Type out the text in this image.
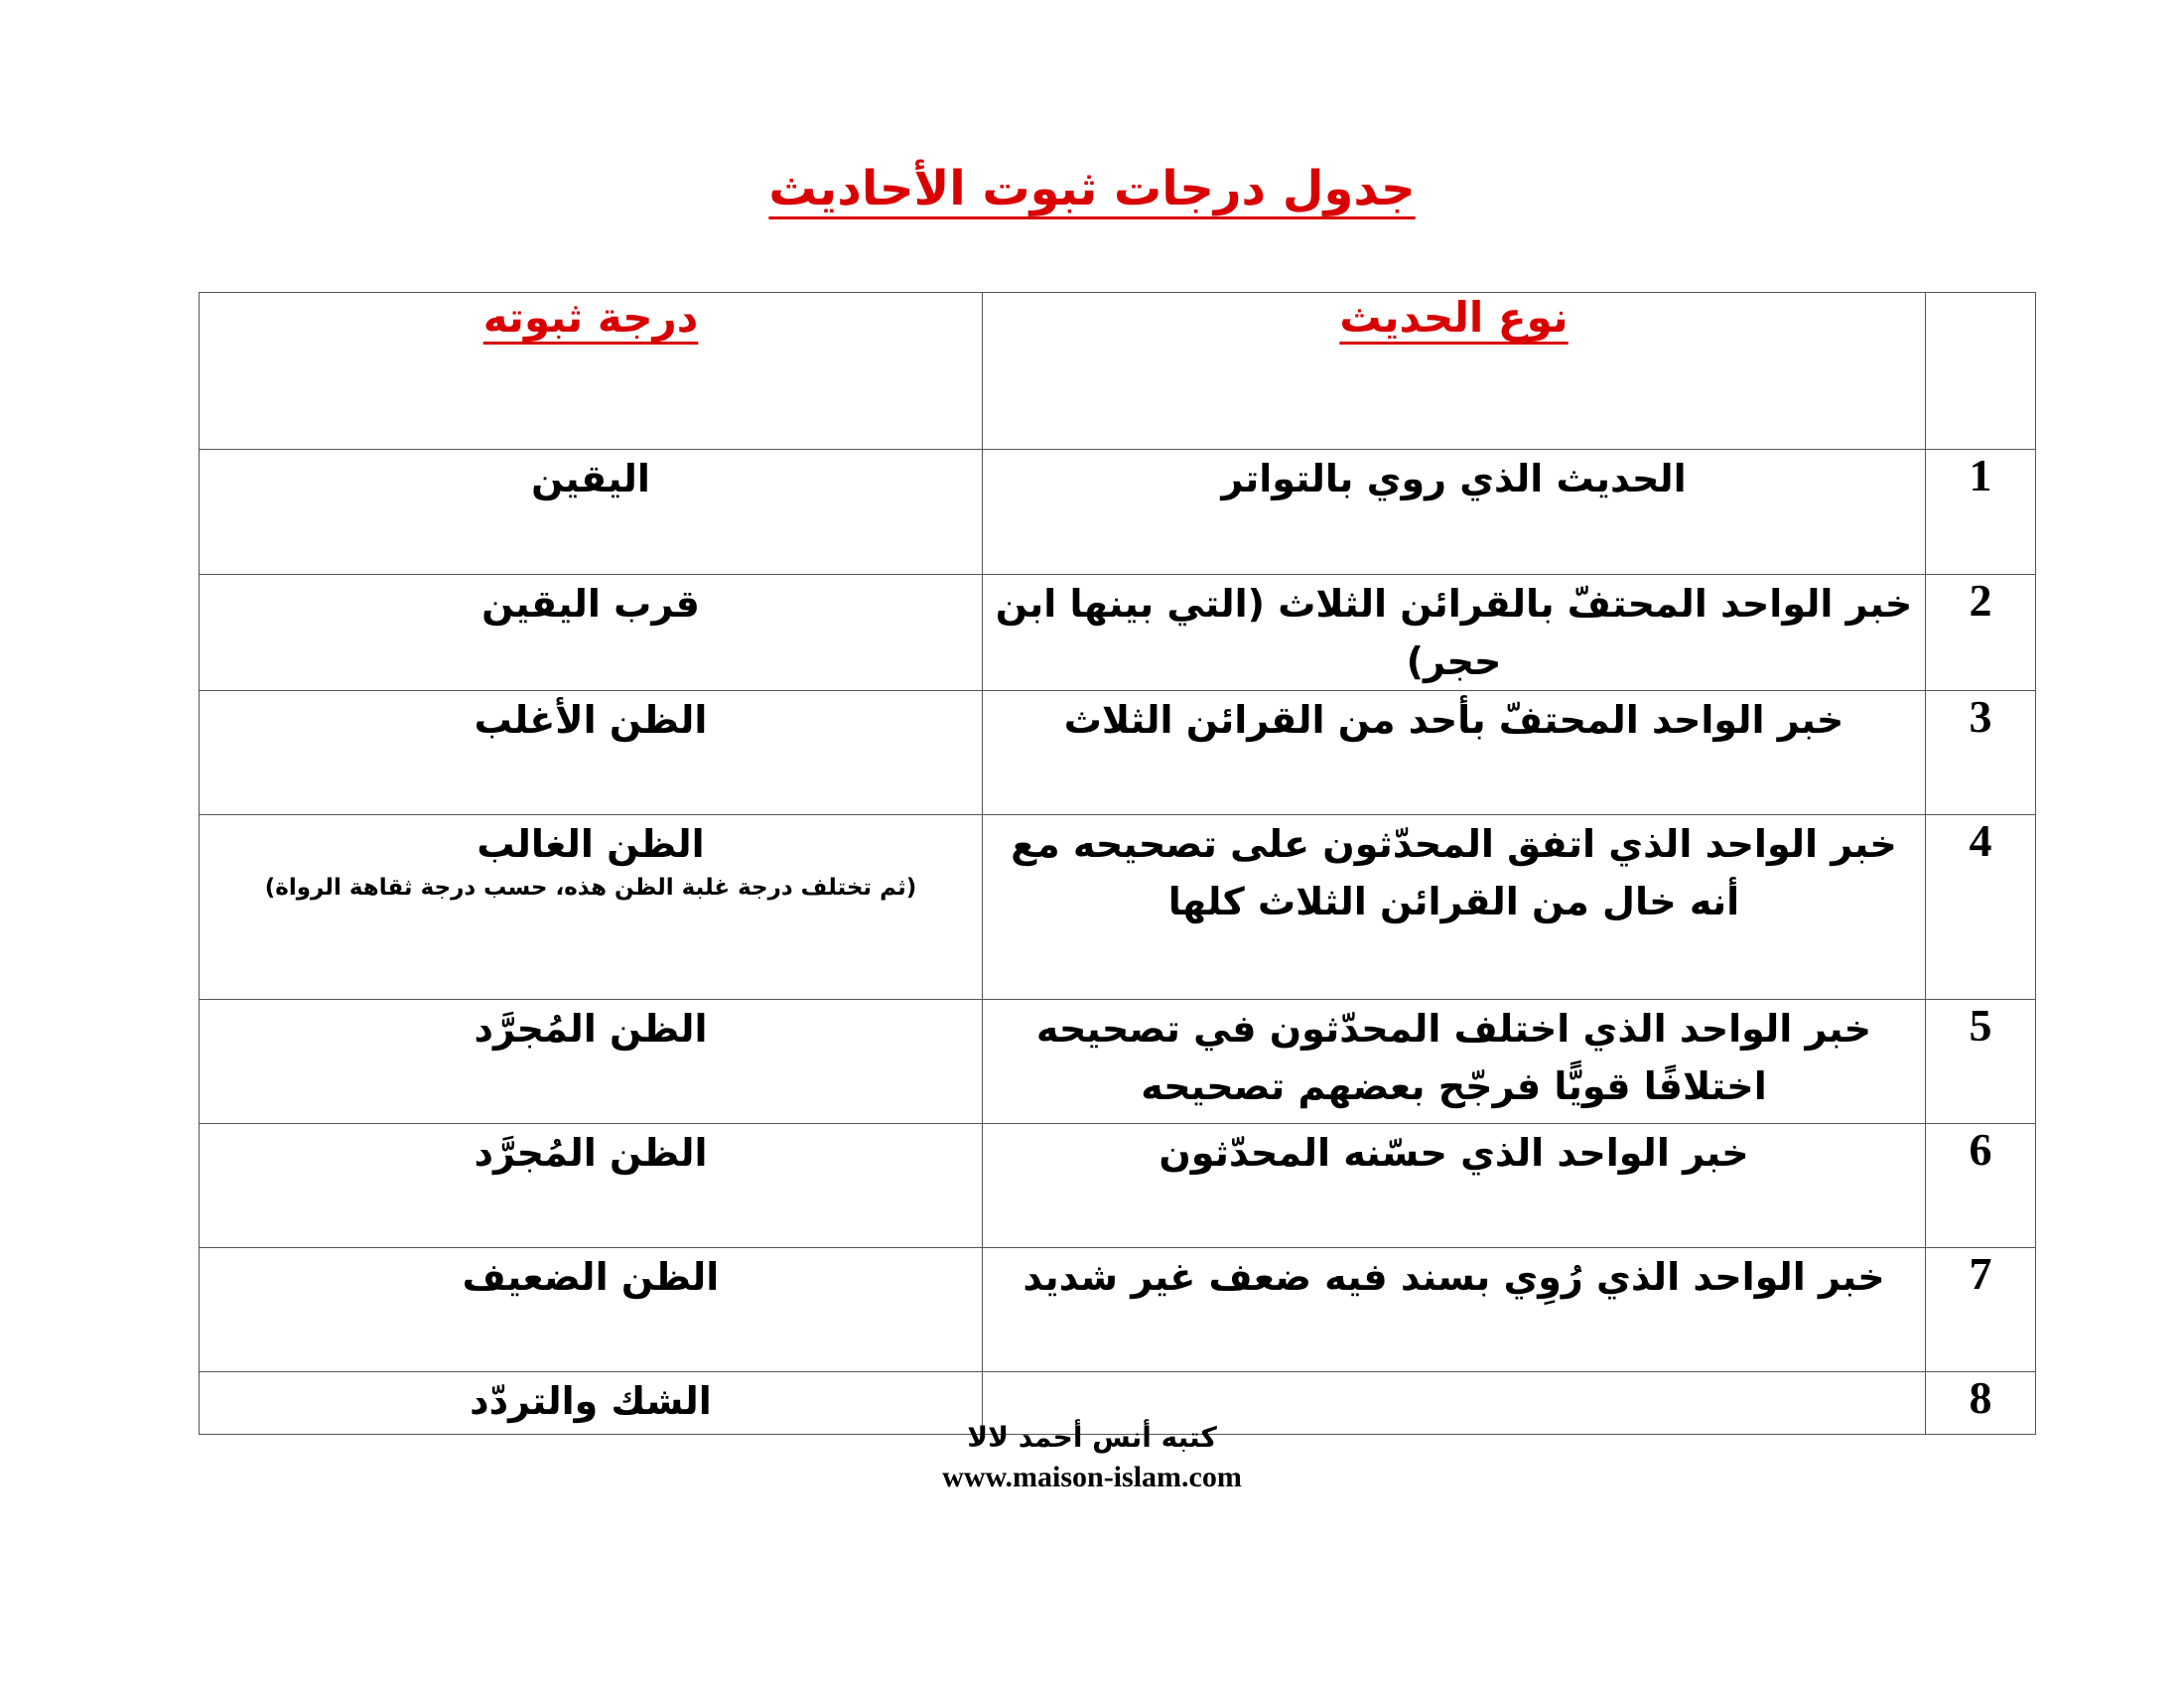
جدول درجات ثبوت الأحاديث
	نوع الحديث	درجة ثبوته
1	الحديث الذي روي بالتواتر	اليقين
2	خبر الواحد المحتفّ بالقرائن الثلاث (التي بينها ابن حجر)	قرب اليقين
3	خبر الواحد المحتفّ بأحد من القرائن الثلاث	الظن الأغلب
4	خبر الواحد الذي اتفق المحدّثون على تصحيحه مع أنه خال من القرائن الثلاث كلها	الظن الغالب
(ثم تختلف درجة غلبة الظن هذه، حسب درجة ثقاهة الرواة)

5	خبر الواحد الذي اختلف المحدّثون في تصحيحه اختلافًا قويًّا فرجّح بعضهم تصحيحه	الظن المُجرَّد
6	خبر الواحد الذي حسّنه المحدّثون	الظن المُجرَّد
7	خبر الواحد الذي رُوِي بسند فيه ضعف غير شديد	الظن الضعيف
8		الشك والتردّد
كتبه أنس أحمد لالا
www.maison-islam.com
